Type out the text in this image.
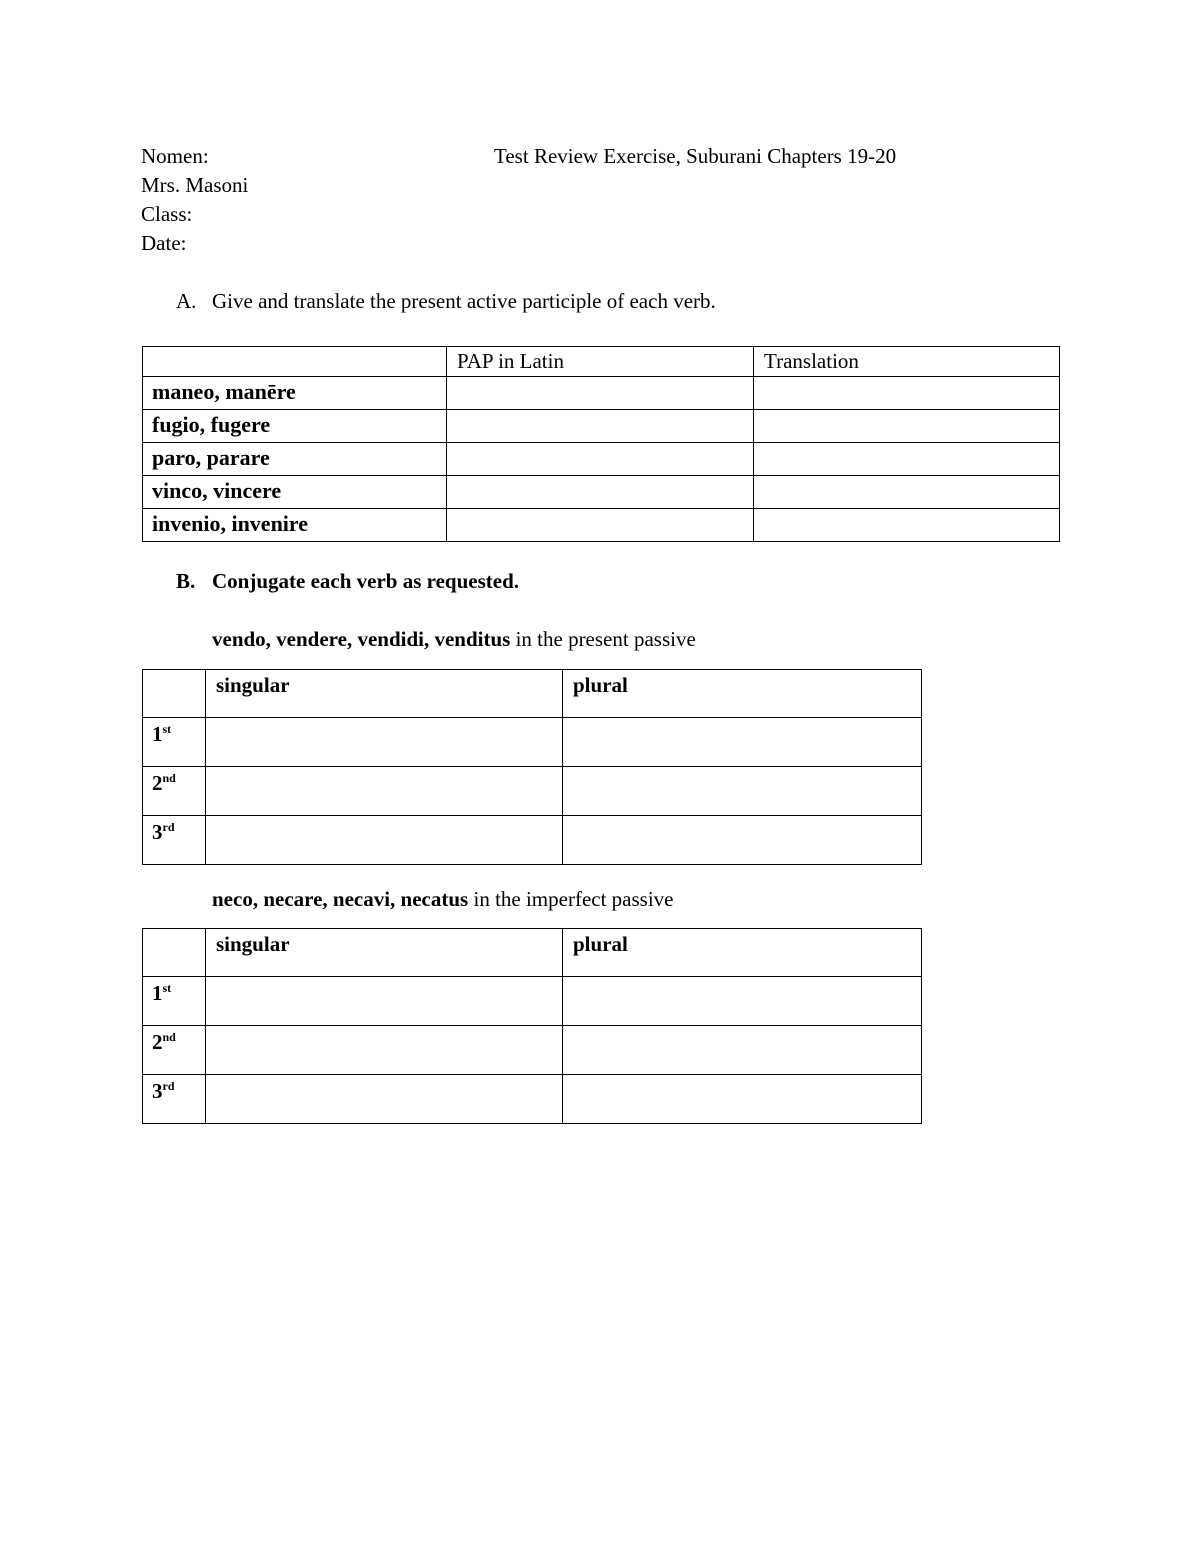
Nomen:	Test Review Exercise, Suburani Chapters 19-20
Mrs. Masoni
Class:
Date:
A. Give and translate the present active participle of each verb.
	PAP in Latin	Translation
maneo, manēre		
fugio, fugere		
paro, parare		
vinco, vincere		
invenio, invenire		
B. Conjugate each verb as requested.
vendo, vendere, vendidi, venditus in the present passive
	singular	plural
1st		
2nd		
3rd		
neco, necare, necavi, necatus in the imperfect passive
	singular	plural
1st		
2nd		
3rd		
